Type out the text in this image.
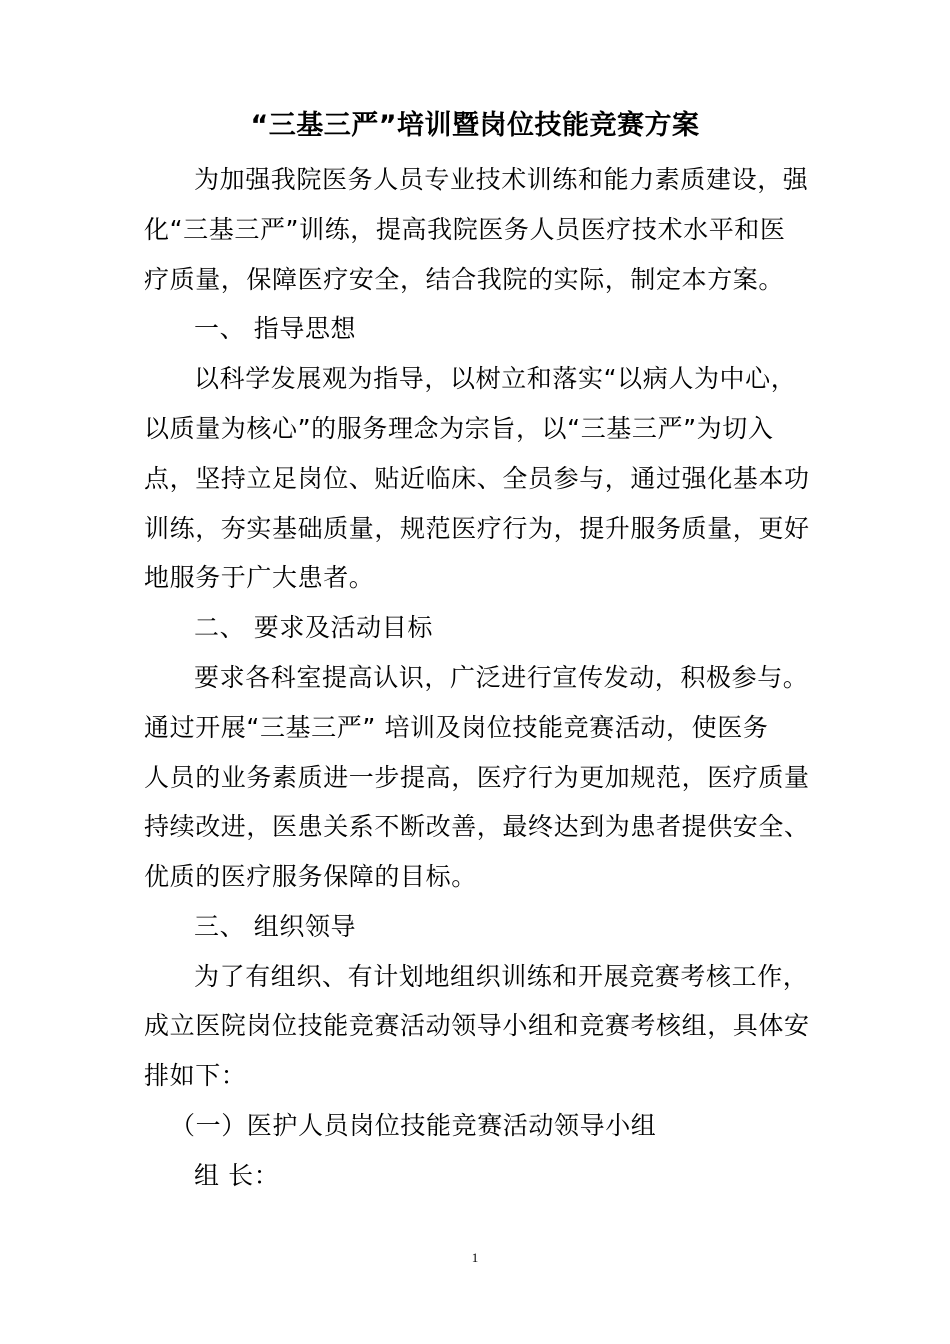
“三基三严”培训暨岗位技能竞赛方案
为加强我院医务人员专业技术训练和能力素质建设，强
化“三基三严”训练，提高我院医务人员医疗技术水平和医
疗质量，保障医疗安全，结合我院的实际，制定本方案。
一、 指导思想
以科学发展观为指导，以树立和落实“以病人为中心，
以质量为核心”的服务理念为宗旨，以“三基三严”为切入
点，坚持立足岗位、贴近临床、全员参与，通过强化基本功
训练，夯实基础质量，规范医疗行为，提升服务质量，更好
地服务于广大患者。
二、 要求及活动目标
要求各科室提高认识，广泛进行宣传发动，积极参与。
通过开展“三基三严” 培训及岗位技能竞赛活动，使医务
人员的业务素质进一步提高，医疗行为更加规范，医疗质量
持续改进，医患关系不断改善，最终达到为患者提供安全、
优质的医疗服务保障的目标。
三、 组织领导
为了有组织、有计划地组织训练和开展竞赛考核工作，
成立医院岗位技能竞赛活动领导小组和竞赛考核组，具体安
排如下：
（一）医护人员岗位技能竞赛活动领导小组
组 长：
1
